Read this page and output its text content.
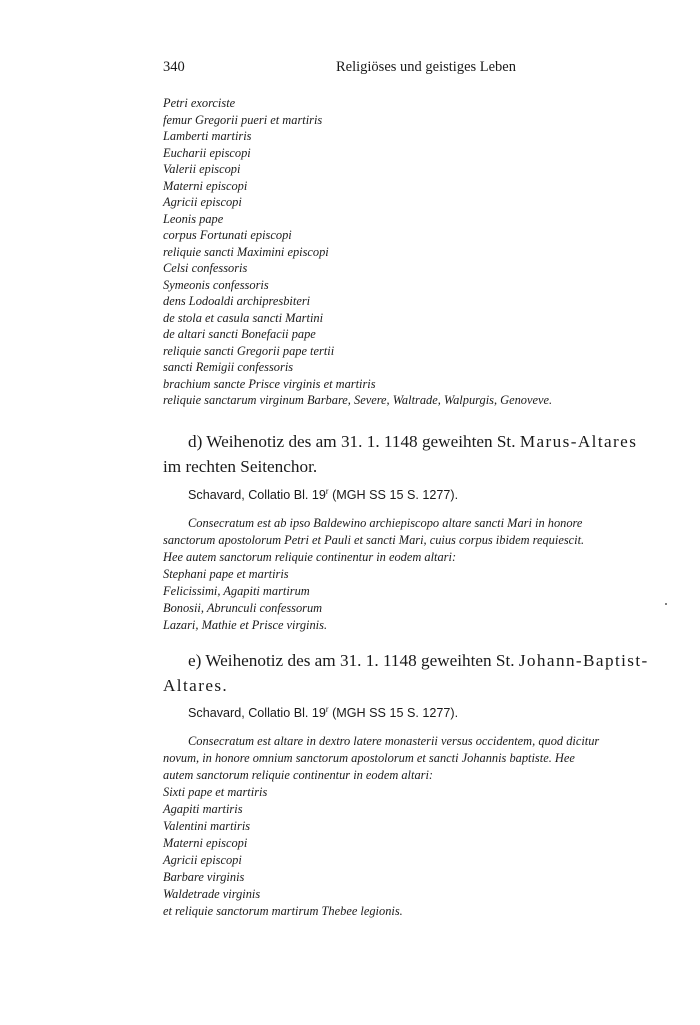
340	Religiöses und geistiges Leben
Petri exorciste
femur Gregorii pueri et martiris
Lamberti martiris
Eucharii episcopi
Valerii episcopi
Materni episcopi
Agricii episcopi
Leonis pape
corpus Fortunati episcopi
reliquie sancti Maximini episcopi
Celsi confessoris
Symeonis confessoris
dens Lodoaldi archipresbiteri
de stola et casula sancti Martini
de altari sancti Bonefacii pape
reliquie sancti Gregorii pape tertii
sancti Remigii confessoris
brachium sancte Prisce virginis et martiris
reliquie sanctarum virginum Barbare, Severe, Waltrade, Walpurgis, Genoveve.
d) Weihenotiz des am 31. 1. 1148 geweihten St. Marus-Altares
im rechten Seitenchor.
Schavard, Collatio Bl. 19$^r$ (MGH SS 15 S. 1277).
Consecratum est ab ipso Baldewino archiepiscopo altare sancti Mari in honore
sanctorum apostolorum Petri et Pauli et sancti Mari, cuius corpus ibidem requiescit.
Hee autem sanctorum reliquie continentur in eodem altari:
Stephani pape et martiris
Felicissimi, Agapiti martirum
Bonosii, Abrunculi confessorum
Lazari, Mathie et Prisce virginis.
e) Weihenotiz des am 31. 1. 1148 geweihten St. Johann-Baptist-
Altares.
Schavard, Collatio Bl. 19$^r$ (MGH SS 15 S. 1277).
Consecratum est altare in dextro latere monasterii versus occidentem, quod dicitur
novum, in honore omnium sanctorum apostolorum et sancti Johannis baptiste. Hee
autem sanctorum reliquie continentur in eodem altari:
Sixti pape et martiris
Agapiti martiris
Valentini martiris
Materni episcopi
Agricii episcopi
Barbare virginis
Waldetrade virginis
et reliquie sanctorum martirum Thebee legionis.
